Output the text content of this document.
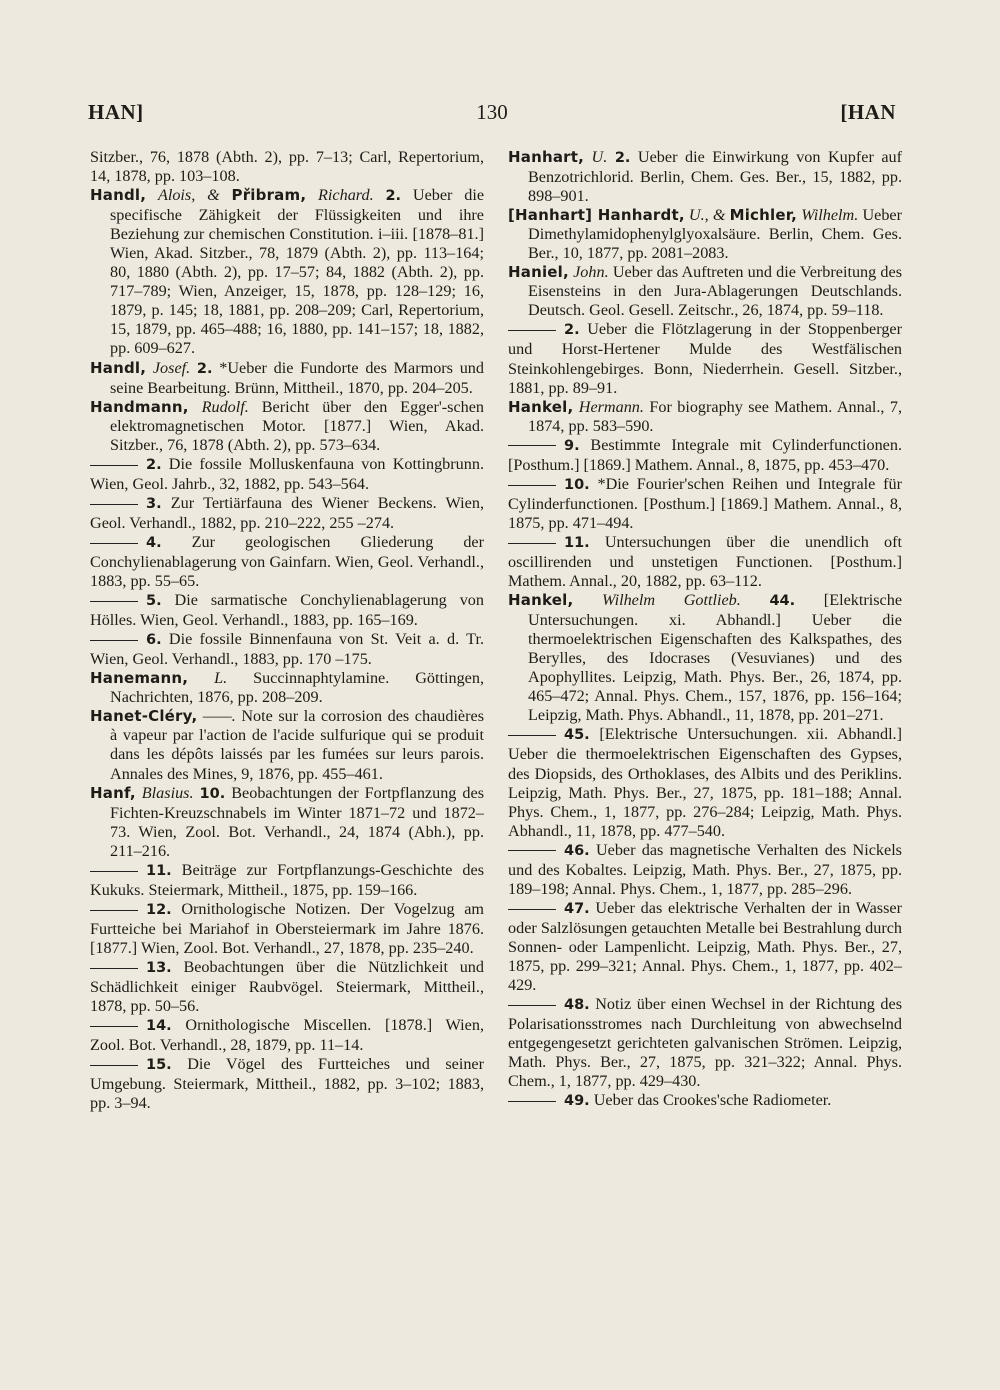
HAN]	130	[HAN

Sitzber., 76, 1878 (Abth. 2), pp. 7–13; Carl, Repertorium, 14, 1878, pp. 103–108.

Handl, Alois, & Přibram, Richard. 2. Ueber die specifische Zähigkeit der Flüssigkeiten und ihre Beziehung zur chemischen Constitution. i–iii. [1878–81.] Wien, Akad. Sitzber., 78, 1879 (Abth. 2), pp. 113–164; 80, 1880 (Abth. 2), pp. 17–57; 84, 1882 (Abth. 2), pp. 717–789; Wien, Anzeiger, 15, 1878, pp. 128–129; 16, 1879, p. 145; 18, 1881, pp. 208–209; Carl, Repertorium, 15, 1879, pp. 465–488; 16, 1880, pp. 141–157; 18, 1882, pp. 609–627.

Handl, Josef. 2. *Ueber die Fundorte des Marmors und seine Bearbeitung. Brünn, Mittheil., 1870, pp. 204–205.

Handmann, Rudolf. Bericht über den Egger'-schen elektromagnetischen Motor. [1877.] Wien, Akad. Sitzber., 76, 1878 (Abth. 2), pp. 573–634.

2. Die fossile Molluskenfauna von Kottingbrunn. Wien, Geol. Jahrb., 32, 1882, pp. 543–564.

3. Zur Tertiärfauna des Wiener Beckens. Wien, Geol. Verhandl., 1882, pp. 210–222, 255 –274.

4. Zur geologischen Gliederung der Conchylienablagerung von Gainfarn. Wien, Geol. Verhandl., 1883, pp. 55–65.

5. Die sarmatische Conchylienablagerung von Hölles. Wien, Geol. Verhandl., 1883, pp. 165–169.

6. Die fossile Binnenfauna von St. Veit a. d. Tr. Wien, Geol. Verhandl., 1883, pp. 170 –175.

Hanemann, L. Succinnaphtylamine. Göttingen, Nachrichten, 1876, pp. 208–209.

Hanet-Cléry, ——. Note sur la corrosion des chaudières à vapeur par l'action de l'acide sulfurique qui se produit dans les dépôts laissés par les fumées sur leurs parois. Annales des Mines, 9, 1876, pp. 455–461.

Hanf, Blasius. 10. Beobachtungen der Fortpflanzung des Fichten-Kreuzschnabels im Winter 1871–72 und 1872–73. Wien, Zool. Bot. Verhandl., 24, 1874 (Abh.), pp. 211–216.

11. Beiträge zur Fortpflanzungs-Geschichte des Kukuks. Steiermark, Mittheil., 1875, pp. 159–166.

12. Ornithologische Notizen. Der Vogelzug am Furtteiche bei Mariahof in Obersteiermark im Jahre 1876. [1877.] Wien, Zool. Bot. Verhandl., 27, 1878, pp. 235–240.

13. Beobachtungen über die Nützlichkeit und Schädlichkeit einiger Raubvögel. Steiermark, Mittheil., 1878, pp. 50–56.

14. Ornithologische Miscellen. [1878.] Wien, Zool. Bot. Verhandl., 28, 1879, pp. 11–14.

15. Die Vögel des Furtteiches und seiner Umgebung. Steiermark, Mittheil., 1882, pp. 3–102; 1883, pp. 3–94.

Hanhart, U. 2. Ueber die Einwirkung von Kupfer auf Benzotrichlorid. Berlin, Chem. Ges. Ber., 15, 1882, pp. 898–901.

[Hanhart] Hanhardt, U., & Michler, Wilhelm. Ueber Dimethylamidophenylglyoxalsäure. Berlin, Chem. Ges. Ber., 10, 1877, pp. 2081–2083.

Haniel, John. Ueber das Auftreten und die Verbreitung des Eisensteins in den Jura-Ablagerungen Deutschlands. Deutsch. Geol. Gesell. Zeitschr., 26, 1874, pp. 59–118.

2. Ueber die Flötzlagerung in der Stoppenberger und Horst-Hertener Mulde des Westfälischen Steinkohlengebirges. Bonn, Niederrhein. Gesell. Sitzber., 1881, pp. 89–91.

Hankel, Hermann. For biography see Mathem. Annal., 7, 1874, pp. 583–590.

9. Bestimmte Integrale mit Cylinderfunctionen. [Posthum.] [1869.] Mathem. Annal., 8, 1875, pp. 453–470.

10. *Die Fourier'schen Reihen und Integrale für Cylinderfunctionen. [Posthum.] [1869.] Mathem. Annal., 8, 1875, pp. 471–494.

11. Untersuchungen über die unendlich oft oscillirenden und unstetigen Functionen. [Posthum.] Mathem. Annal., 20, 1882, pp. 63–112.

Hankel, Wilhelm Gottlieb. 44. [Elektrische Untersuchungen. xi. Abhandl.] Ueber die thermoelektrischen Eigenschaften des Kalkspathes, des Berylles, des Idocrases (Vesuvianes) und des Apophyllites. Leipzig, Math. Phys. Ber., 26, 1874, pp. 465–472; Annal. Phys. Chem., 157, 1876, pp. 156–164; Leipzig, Math. Phys. Abhandl., 11, 1878, pp. 201–271.

45. [Elektrische Untersuchungen. xii. Abhandl.] Ueber die thermoelektrischen Eigenschaften des Gypses, des Diopsids, des Orthoklases, des Albits und des Periklins. Leipzig, Math. Phys. Ber., 27, 1875, pp. 181–188; Annal. Phys. Chem., 1, 1877, pp. 276–284; Leipzig, Math. Phys. Abhandl., 11, 1878, pp. 477–540.

46. Ueber das magnetische Verhalten des Nickels und des Kobaltes. Leipzig, Math. Phys. Ber., 27, 1875, pp. 189–198; Annal. Phys. Chem., 1, 1877, pp. 285–296.

47. Ueber das elektrische Verhalten der in Wasser oder Salzlösungen getauchten Metalle bei Bestrahlung durch Sonnen- oder Lampenlicht. Leipzig, Math. Phys. Ber., 27, 1875, pp. 299–321; Annal. Phys. Chem., 1, 1877, pp. 402–429.

48. Notiz über einen Wechsel in der Richtung des Polarisationsstromes nach Durchleitung von abwechselnd entgegengesetzt gerichteten galvanischen Strömen. Leipzig, Math. Phys. Ber., 27, 1875, pp. 321–322; Annal. Phys. Chem., 1, 1877, pp. 429–430.

49. Ueber das Crookes'sche Radiometer.
